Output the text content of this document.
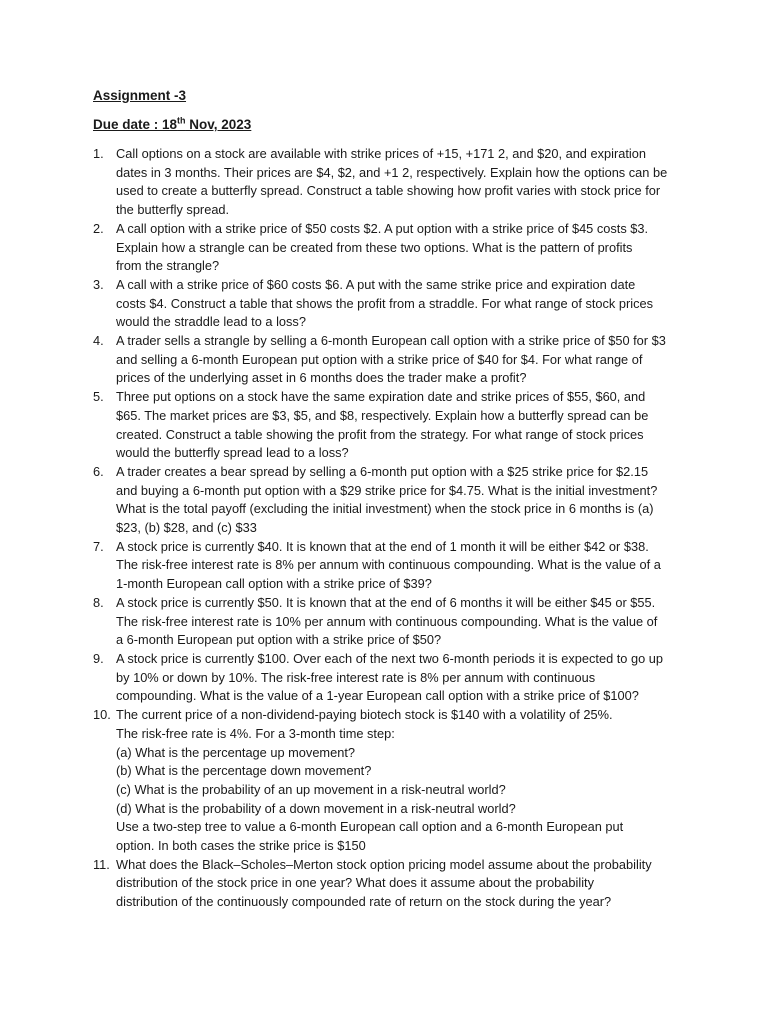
Assignment -3
Due date : 18th Nov, 2023
1. Call options on a stock are available with strike prices of +15, +171 2, and $20, and expiration
dates in 3 months. Their prices are $4, $2, and +1 2, respectively. Explain how the options can be
used to create a butterfly spread. Construct a table showing how profit varies with stock price for
the butterfly spread.
2. A call option with a strike price of $50 costs $2. A put option with a strike price of $45 costs $3.
Explain how a strangle can be created from these two options. What is the pattern of profits
from the strangle?
3. A call with a strike price of $60 costs $6. A put with the same strike price and expiration date
costs $4. Construct a table that shows the profit from a straddle. For what range of stock prices
would the straddle lead to a loss?
4. A trader sells a strangle by selling a 6-month European call option with a strike price of $50 for $3
and selling a 6-month European put option with a strike price of $40 for $4. For what range of
prices of the underlying asset in 6 months does the trader make a profit?
5. Three put options on a stock have the same expiration date and strike prices of $55, $60, and
$65. The market prices are $3, $5, and $8, respectively. Explain how a butterfly spread can be
created. Construct a table showing the profit from the strategy. For what range of stock prices
would the butterfly spread lead to a loss?
6. A trader creates a bear spread by selling a 6-month put option with a $25 strike price for $2.15
and buying a 6-month put option with a $29 strike price for $4.75. What is the initial investment?
What is the total payoff (excluding the initial investment) when the stock price in 6 months is (a)
$23, (b) $28, and (c) $33
7. A stock price is currently $40. It is known that at the end of 1 month it will be either $42 or $38.
The risk-free interest rate is 8% per annum with continuous compounding. What is the value of a
1-month European call option with a strike price of $39?
8. A stock price is currently $50. It is known that at the end of 6 months it will be either $45 or $55.
The risk-free interest rate is 10% per annum with continuous compounding. What is the value of
a 6-month European put option with a strike price of $50?
9. A stock price is currently $100. Over each of the next two 6-month periods it is expected to go up
by 10% or down by 10%. The risk-free interest rate is 8% per annum with continuous
compounding. What is the value of a 1-year European call option with a strike price of $100?
10. The current price of a non-dividend-paying biotech stock is $140 with a volatility of 25%.
The risk-free rate is 4%. For a 3-month time step:
(a) What is the percentage up movement?
(b) What is the percentage down movement?
(c) What is the probability of an up movement in a risk-neutral world?
(d) What is the probability of a down movement in a risk-neutral world?
Use a two-step tree to value a 6-month European call option and a 6-month European put
option. In both cases the strike price is $150
11. What does the Black–Scholes–Merton stock option pricing model assume about the probability
distribution of the stock price in one year? What does it assume about the probability
distribution of the continuously compounded rate of return on the stock during the year?
